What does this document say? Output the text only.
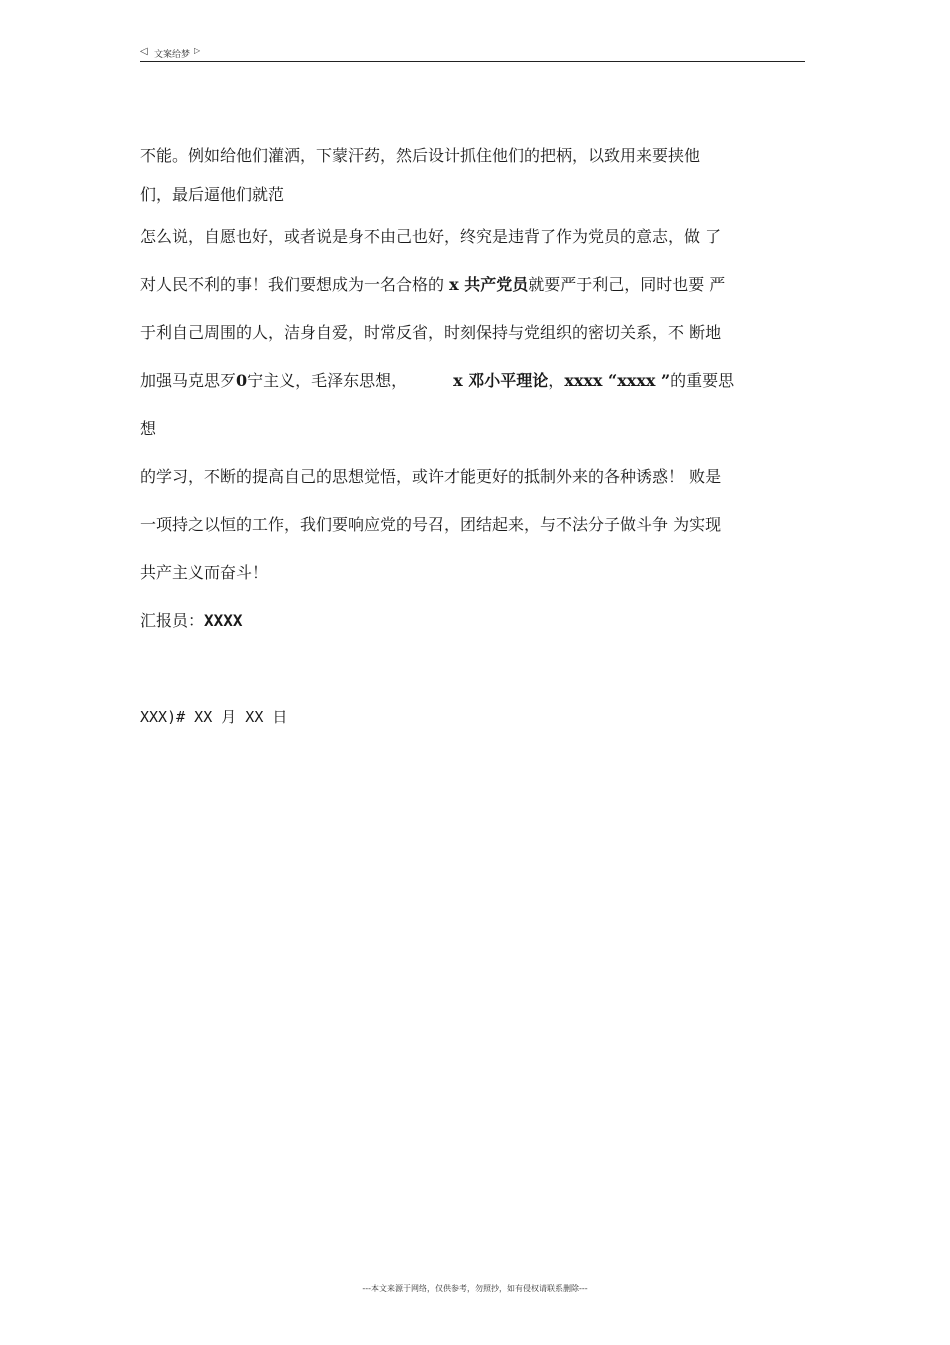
◁ 文案给梦 ▷
不能。例如给他们灌洒，下蒙汗药，然后设计抓住他们的把柄，以致用来要挟他
们，最后逼他们就范
怎么说，自愿也好，或者说是身不由己也好，终究是违背了作为党员的意志，做 了
对人民不利的事！我们要想成为一名合格的 x 共产党员就要严于利己，同时也要 严
于利自己周围的人，洁身自爱，时常反省，时刻保持与党组织的密切关系，不 断地
加强马克思歹0宁主义，毛泽东思想，	x 邓小平理论，xxxx “xxxx ”的重要思
想
的学习，不断的提高自己的思想觉悟，或许才能更好的抵制外来的各种诱惑！ 败是
一项持之以恒的工作，我们要响应党的号召，团结起来，与不法分子做斗争 为实现
共产主义而奋斗！
汇报员：XXXX
XXX)# XX 月 XX 日
---本文来源于网络，仅供参考，勿照抄，如有侵权请联系删除---
